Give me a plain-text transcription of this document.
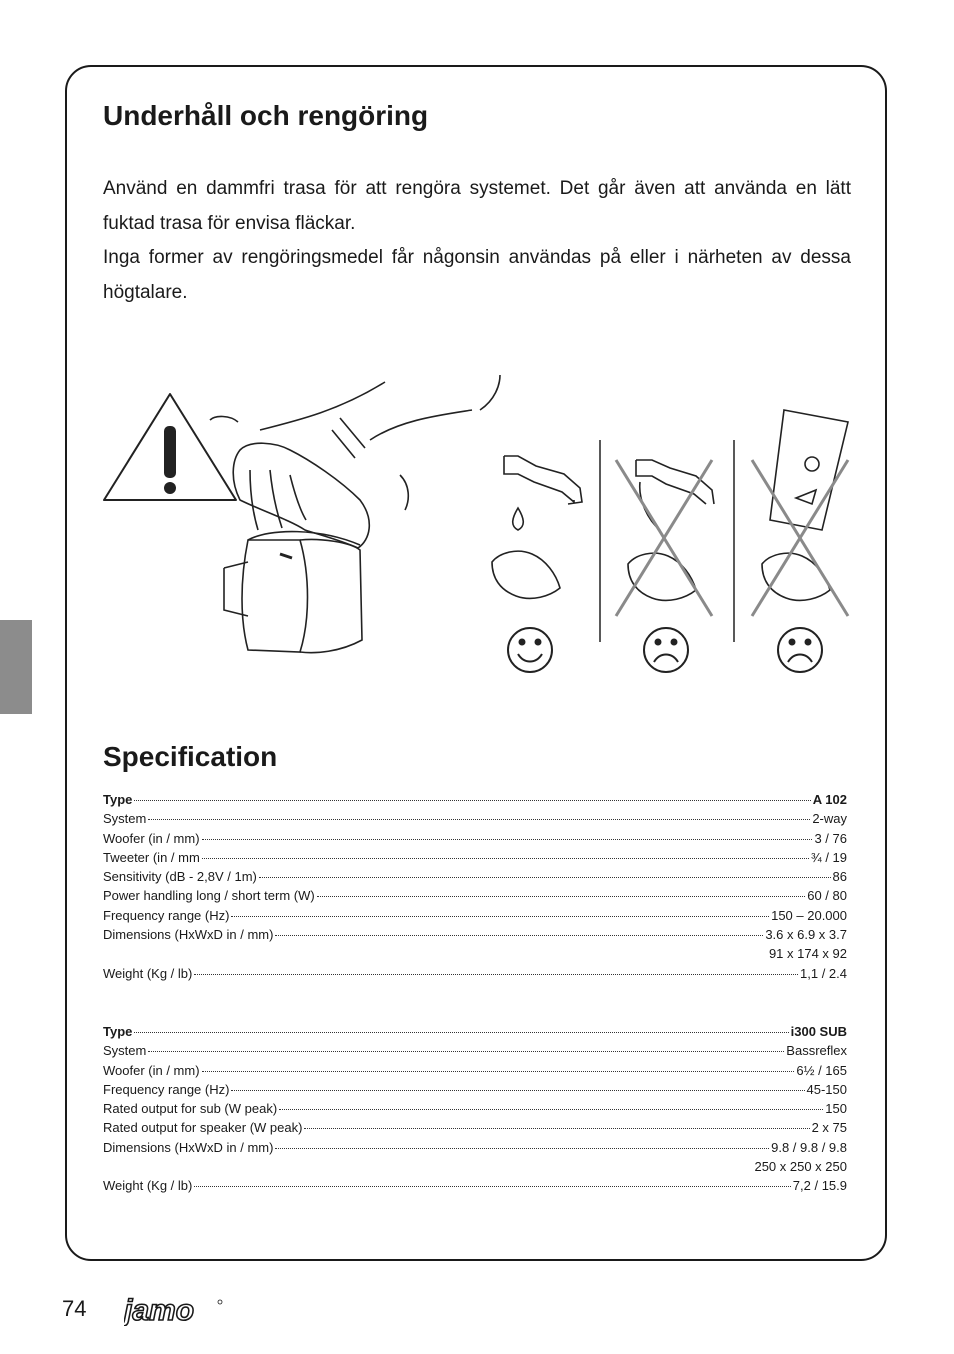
Underhåll och rengöring

Använd en dammfri trasa för att rengöra systemet. Det går även att använda en lätt fuktad trasa för envisa fläckar.

Inga former av rengöringsmedel får någonsin användas på eller i närheten av dessa högtalare.

Specification
Type	A 102
System	2-way
Woofer (in / mm)	3 / 76
Tweeter (in / mm	¾ / 19
Sensitivity (dB - 2,8V / 1m)	86
Power handling long / short term (W)	60 / 80
Frequency range (Hz)	150 – 20.000
Dimensions (HxWxD in / mm)	3.6 x 6.9 x 3.7
91 x 174 x 92
Weight (Kg / lb)	1,1 / 2.4
Type	i300 SUB
System	Bassreflex
Woofer (in / mm)	6½ / 165
Frequency range (Hz)	45-150
Rated output for sub (W peak)	150
Rated output for speaker (W peak)	2 x 75
Dimensions (HxWxD in / mm)	9.8 / 9.8 / 9.8
250 x 250 x 250
Weight (Kg / lb)	7,2 / 15.9
74 jamo
